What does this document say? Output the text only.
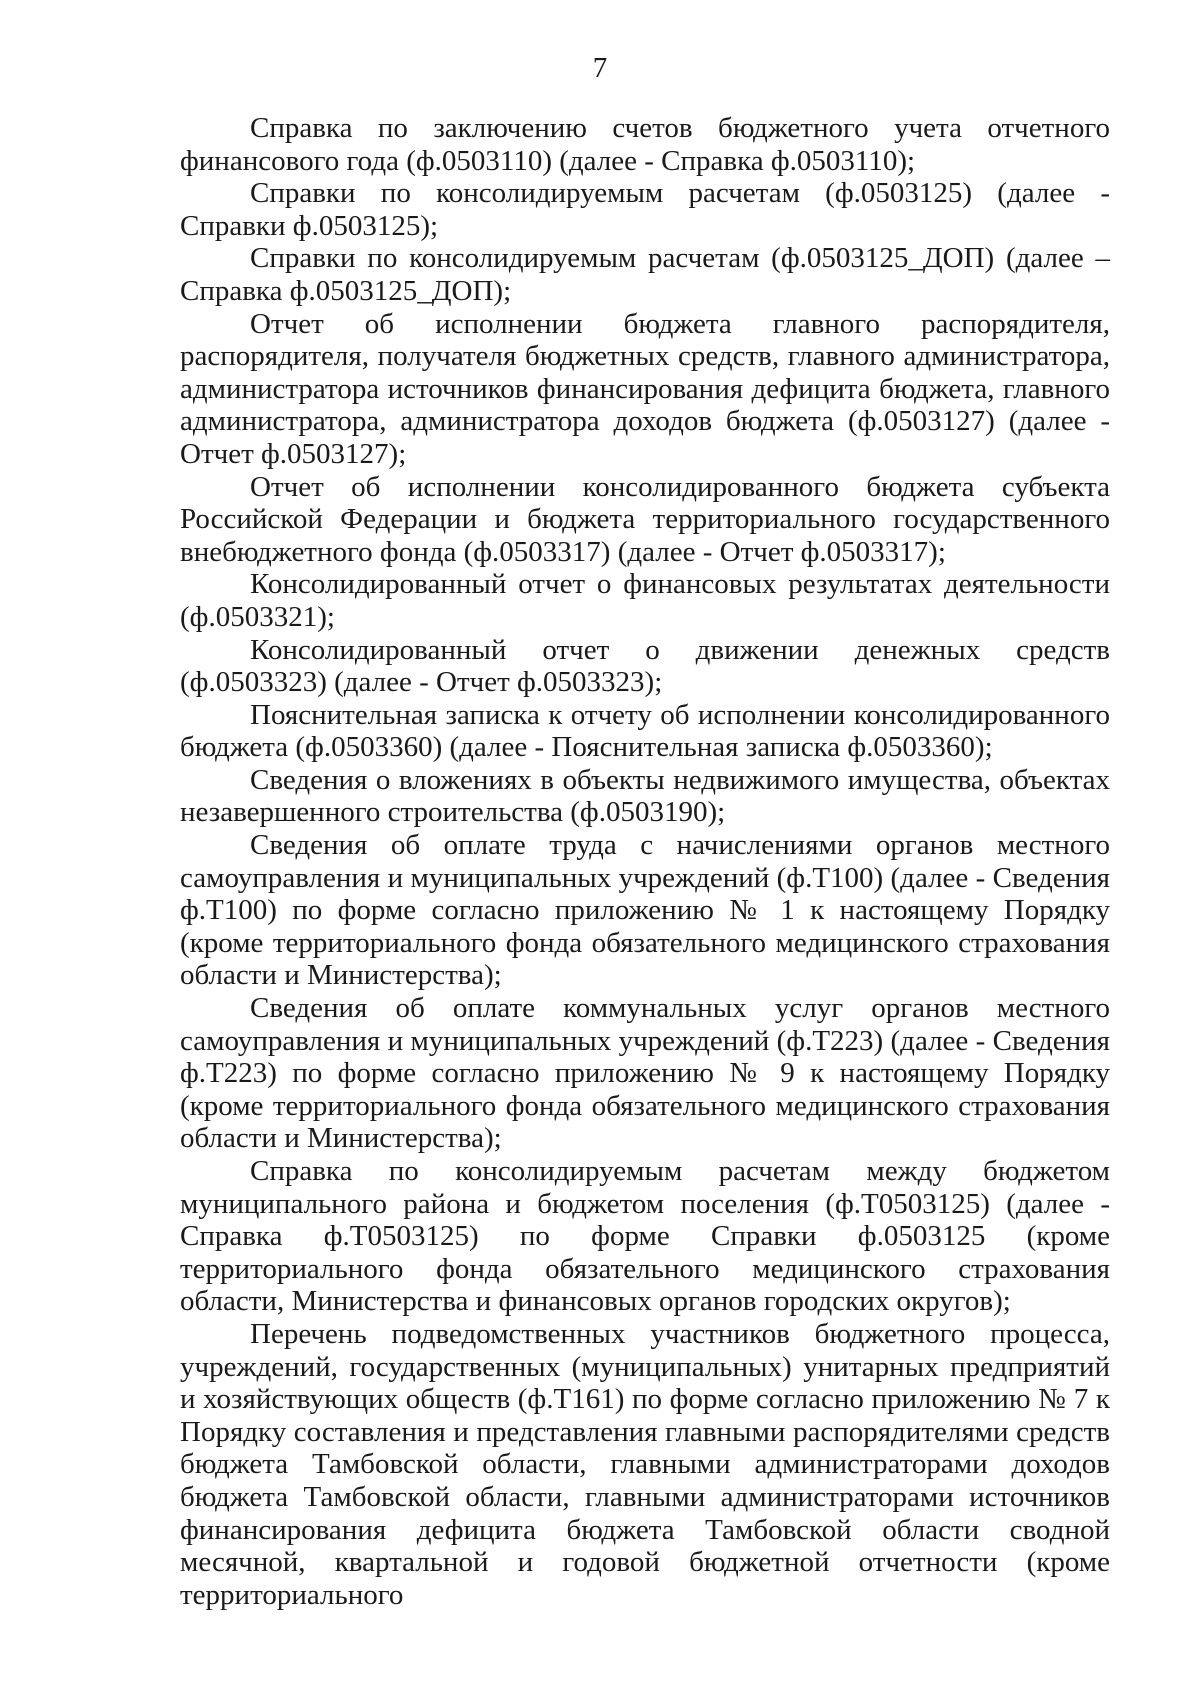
7

Справка по заключению счетов бюджетного учета отчетного финансового года (ф.0503110) (далее - Справка ф.0503110);

Справки по консолидируемым расчетам (ф.0503125) (далее - Справки ф.0503125);

Справки по консолидируемым расчетам (ф.0503125_ДОП) (далее – Справка ф.0503125_ДОП);

Отчет об исполнении бюджета главного распорядителя, распорядителя, получателя бюджетных средств, главного администратора, администратора источников финансирования дефицита бюджета, главного администратора, администратора доходов бюджета (ф.0503127) (далее - Отчет ф.0503127);

Отчет об исполнении консолидированного бюджета субъекта Российской Федерации и бюджета территориального государственного внебюджетного фонда (ф.0503317) (далее - Отчет ф.0503317);

Консолидированный отчет о финансовых результатах деятельности (ф.0503321);

Консолидированный отчет о движении денежных средств (ф.0503323) (далее - Отчет ф.0503323);

Пояснительная записка к отчету об исполнении консолидированного бюджета (ф.0503360) (далее - Пояснительная записка ф.0503360);

Сведения о вложениях в объекты недвижимого имущества, объектах незавершенного строительства (ф.0503190);

Сведения об оплате труда с начислениями органов местного самоуправления и муниципальных учреждений (ф.Т100) (далее - Сведения ф.Т100) по форме согласно приложению № 1 к настоящему Порядку (кроме территориального фонда обязательного медицинского страхования области и Министерства);

Сведения об оплате коммунальных услуг органов местного самоуправления и муниципальных учреждений (ф.Т223) (далее - Сведения ф.Т223) по форме согласно приложению № 9 к настоящему Порядку (кроме территориального фонда обязательного медицинского страхования области и Министерства);

Справка по консолидируемым расчетам между бюджетом муниципального района и бюджетом поселения (ф.Т0503125) (далее - Справка ф.Т0503125) по форме Справки ф.0503125 (кроме территориального фонда обязательного медицинского страхования области, Министерства и финансовых органов городских округов);

Перечень подведомственных участников бюджетного процесса, учреждений, государственных (муниципальных) унитарных предприятий и хозяйствующих обществ (ф.Т161) по форме согласно приложению № 7 к Порядку составления и представления главными распорядителями средств бюджета Тамбовской области, главными администраторами доходов бюджета Тамбовской области, главными администраторами источников финансирования дефицита бюджета Тамбовской области сводной месячной, квартальной и годовой бюджетной отчетности (кроме территориального
